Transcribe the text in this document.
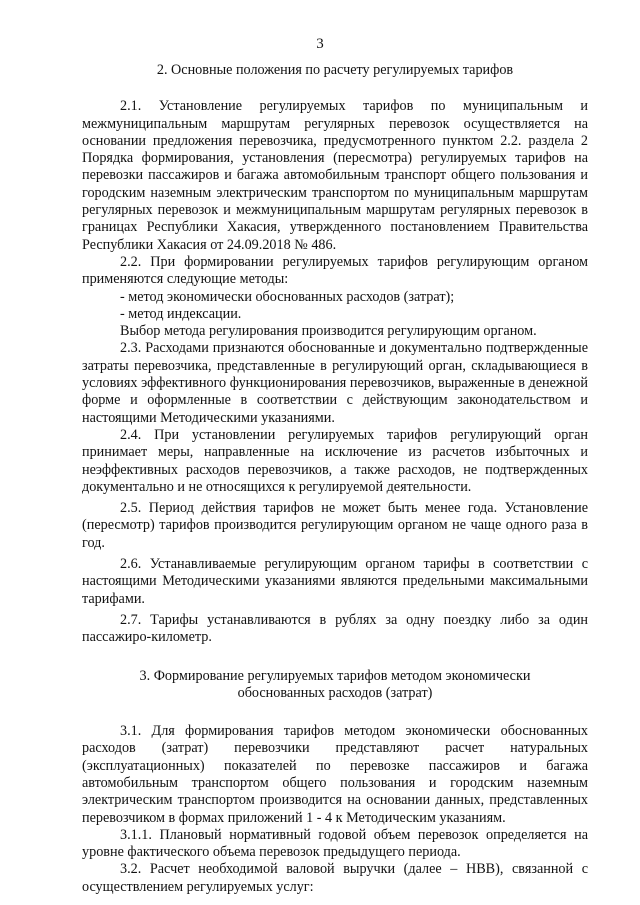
3
2. Основные положения по расчету регулируемых тарифов

2.1. Установление регулируемых тарифов по муниципальным и межмуниципальным маршрутам регулярных перевозок осуществляется на основании предложения перевозчика, предусмотренного пунктом 2.2. раздела 2 Порядка формирования, установления (пересмотра) регулируемых тарифов на перевозки пассажиров и багажа автомобильным транспорт общего пользования и городским наземным электрическим транспортом по муниципальным маршрутам регулярных перевозок и межмуниципальным маршрутам регулярных перевозок в границах Республики Хакасия, утвержденного постановлением Правительства Республики Хакасия от 24.09.2018 № 486.

2.2. При формировании регулируемых тарифов регулирующим органом применяются следующие методы:

- метод экономически обоснованных расходов (затрат);

- метод индексации.

Выбор метода регулирования производится регулирующим органом.

2.3. Расходами признаются обоснованные и документально подтвержденные затраты перевозчика, представленные в регулирующий орган, складывающиеся в условиях эффективного функционирования перевозчиков, выраженные в денежной форме и оформленные в соответствии с действующим законодательством и настоящими Методическими указаниями.

2.4. При установлении регулируемых тарифов регулирующий орган принимает меры, направленные на исключение из расчетов избыточных и неэффективных расходов перевозчиков, а также расходов, не подтвержденных документально и не относящихся к регулируемой деятельности.

2.5. Период действия тарифов не может быть менее года. Установление (пересмотр) тарифов производится регулирующим органом не чаще одного раза в год.

2.6. Устанавливаемые регулирующим органом тарифы в соответствии с настоящими Методическими указаниями являются предельными максимальными тарифами.

2.7. Тарифы устанавливаются в рублях за одну поездку либо за один пассажиро-километр.

3. Формирование регулируемых тарифов методом экономически
обоснованных расходов (затрат)

3.1. Для формирования тарифов методом экономически обоснованных расходов (затрат) перевозчики представляют расчет натуральных (эксплуатационных) показателей по перевозке пассажиров и багажа автомобильным транспортом общего пользования и городским наземным электрическим транспортом производится на основании данных, представленных перевозчиком в формах приложений 1 - 4 к Методическим указаниям.

3.1.1. Плановый нормативный годовой объем перевозок определяется на уровне фактического объема перевозок предыдущего периода.

3.2. Расчет необходимой валовой выручки (далее – НВВ), связанной с осуществлением регулируемых услуг:
